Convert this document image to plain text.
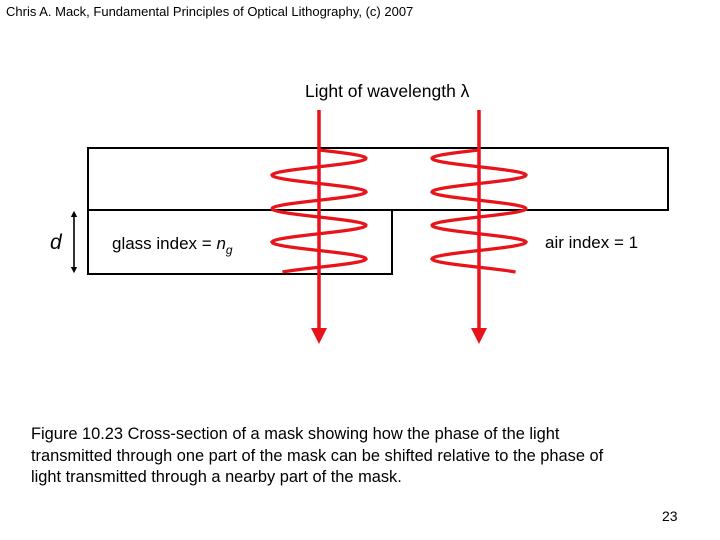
Chris A. Mack, Fundamental Principles of Optical Lithography, (c) 2007
Light of wavelength λ
d	glass index = $n_g$	air index = 1
Figure 10.23 Cross-section of a mask showing how the phase of the light
transmitted through one part of the mask can be shifted relative to the phase of
light transmitted through a nearby part of the mask.
23
